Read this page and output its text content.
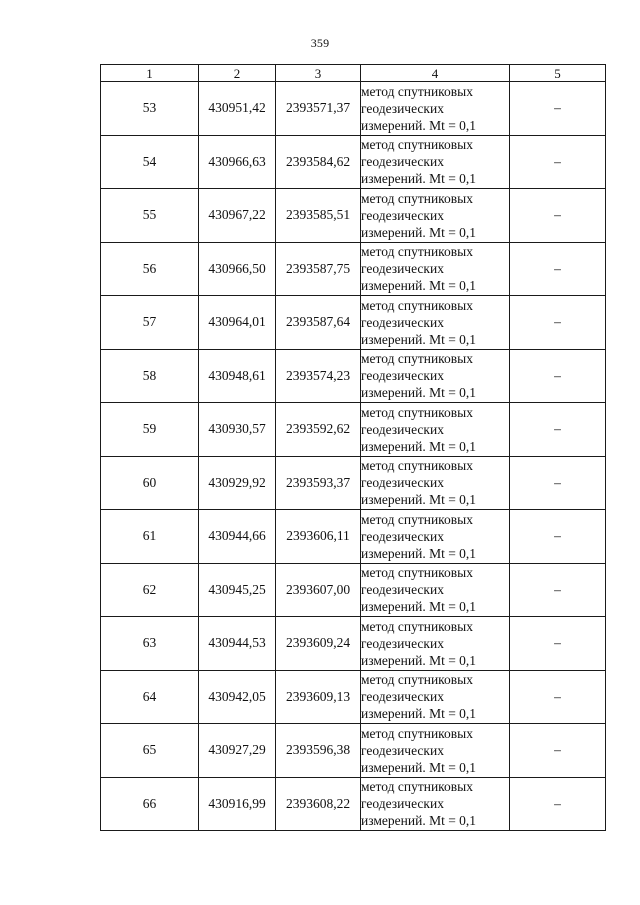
359
1	2	3	4	5
53	430951,42	2393571,37	метод спутниковых
геодезических
измерений. Mt = 0,1	–
54	430966,63	2393584,62	метод спутниковых
геодезических
измерений. Mt = 0,1	–
55	430967,22	2393585,51	метод спутниковых
геодезических
измерений. Mt = 0,1	–
56	430966,50	2393587,75	метод спутниковых
геодезических
измерений. Mt = 0,1	–
57	430964,01	2393587,64	метод спутниковых
геодезических
измерений. Mt = 0,1	–
58	430948,61	2393574,23	метод спутниковых
геодезических
измерений. Mt = 0,1	–
59	430930,57	2393592,62	метод спутниковых
геодезических
измерений. Mt = 0,1	–
60	430929,92	2393593,37	метод спутниковых
геодезических
измерений. Mt = 0,1	–
61	430944,66	2393606,11	метод спутниковых
геодезических
измерений. Mt = 0,1	–
62	430945,25	2393607,00	метод спутниковых
геодезических
измерений. Mt = 0,1	–
63	430944,53	2393609,24	метод спутниковых
геодезических
измерений. Mt = 0,1	–
64	430942,05	2393609,13	метод спутниковых
геодезических
измерений. Mt = 0,1	–
65	430927,29	2393596,38	метод спутниковых
геодезических
измерений. Mt = 0,1	–
66	430916,99	2393608,22	метод спутниковых
геодезических
измерений. Mt = 0,1	–
